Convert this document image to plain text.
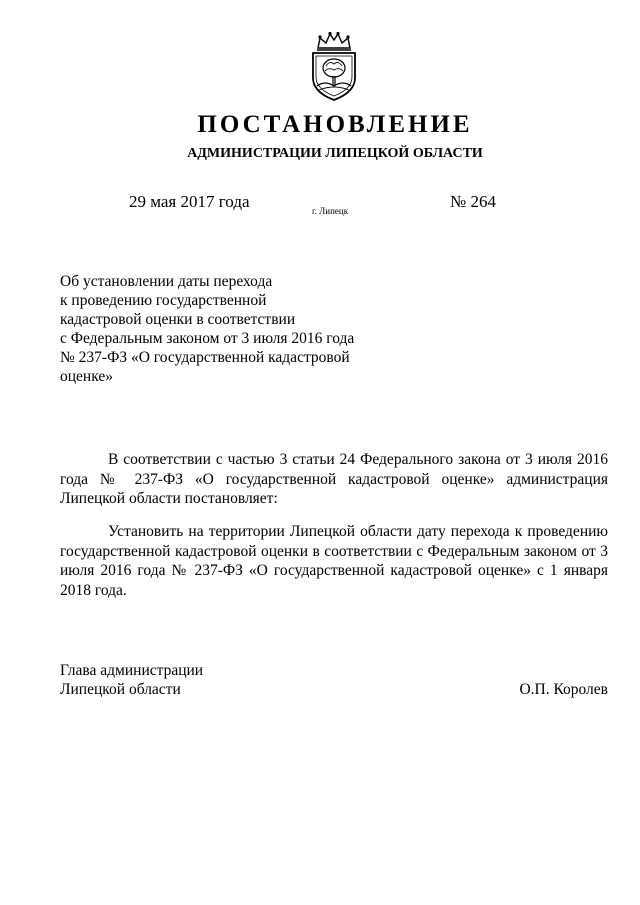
ПОСТАНОВЛЕНИЕ
АДМИНИСТРАЦИИ ЛИПЕЦКОЙ ОБЛАСТИ
29 мая 2017 года	г. Липецк	№ 264
Об установлении даты перехода
к проведению государственной
кадастровой оценки в соответствии
с Федеральным законом от 3 июля 2016 года
№ 237-ФЗ «О государственной кадастровой
оценке»

В соответствии с частью 3 статьи 24 Федерального закона от 3 июля 2016 года № 237-ФЗ «О государственной кадастровой оценке» администрация Липецкой области постановляет:

Установить на территории Липецкой области дату перехода к проведению государственной кадастровой оценки в соответствии с Федеральным законом от 3 июля 2016 года № 237-ФЗ «О государственной кадастровой оценке» с 1 января 2018 года.

Глава администрации
Липецкой области	О.П. Королев
